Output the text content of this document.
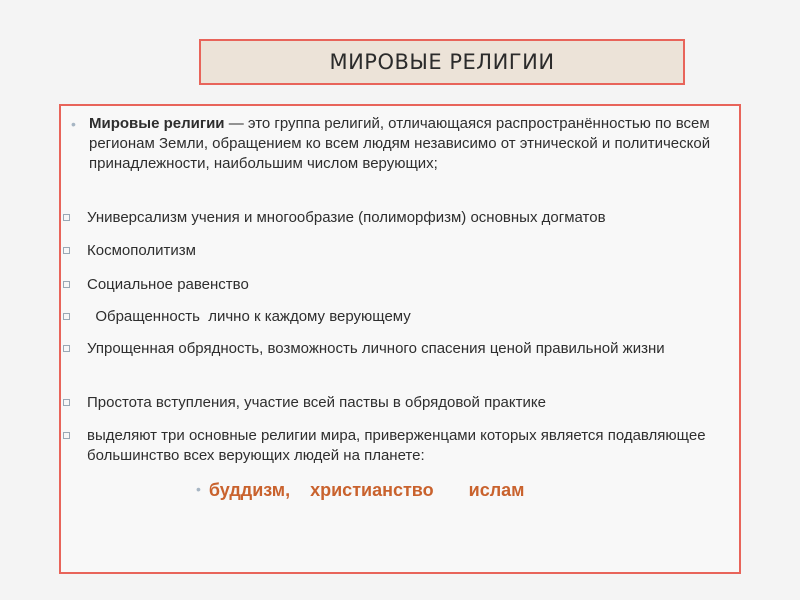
МИРОВЫЕ РЕЛИГИИ
• Мировые религии — это группа религий, отличающаяся распространённостью по всем регионам Земли, обращением ко всем людям независимо от этнической и политической принадлежности, наибольшим числом верующих;
Универсализм учения и многообразие (полиморфизм) основных догматов
Космополитизм
Социальное равенство
Обращенность  лично к каждому верующему
Упрощенная обрядность, возможность личного спасения ценой правильной жизни
Простота вступления, участие всей паствы в обрядовой практике
выделяют три основные религии мира, приверженцами которых является подавляющее большинство всех верующих людей на планете:
• буддизм, христианство ислам
